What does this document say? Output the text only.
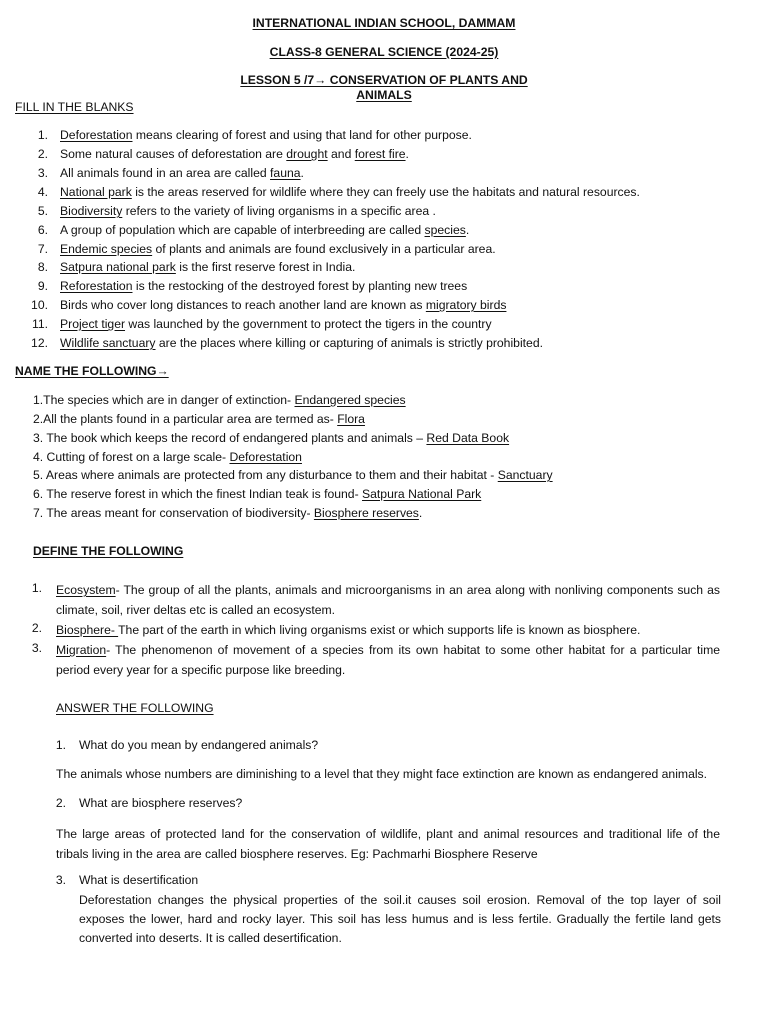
INTERNATIONAL INDIAN SCHOOL, DAMMAM
CLASS-8 GENERAL SCIENCE (2024-25)
LESSON 5 /7→ CONSERVATION OF PLANTS AND
ANIMALS
FILL IN THE BLANKS
1. Deforestation means clearing of forest and using that land for other purpose.
2. Some natural causes of deforestation are drought and forest fire.
3. All animals found in an area are called fauna.
4. National park is the areas reserved for wildlife where they can freely use the habitats and natural resources.
5. Biodiversity refers to the variety of living organisms in a specific area .
6. A group of population which are capable of interbreeding are called species.
7. Endemic species of plants and animals are found exclusively in a particular area.
8. Satpura national park is the first reserve forest in India.
9. Reforestation is the restocking of the destroyed forest by planting new trees
10. Birds who cover long distances to reach another land are known as migratory birds
11. Project tiger was launched by the government to protect the tigers in the country
12. Wildlife sanctuary are the places where killing or capturing of animals is strictly prohibited.
NAME THE FOLLOWING→
1.The species which are in danger of extinction- Endangered species
2.All the plants found in a particular area are termed as- Flora
3. The book which keeps the record of endangered plants and animals – Red Data Book
4. Cutting of forest on a large scale- Deforestation
5. Areas where animals are protected from any disturbance to them and their habitat - Sanctuary
6. The reserve forest in which the finest Indian teak is found- Satpura National Park
7. The areas meant for conservation of biodiversity- Biosphere reserves.
DEFINE THE FOLLOWING
1. Ecosystem- The group of all the plants, animals and microorganisms in an area along with nonliving components such as climate, soil, river deltas etc is called an ecosystem.
2. Biosphere- The part of the earth in which living organisms exist or which supports life is known as biosphere.
3. Migration- The phenomenon of movement of a species from its own habitat to some other habitat for a particular time period every year for a specific purpose like breeding.
ANSWER THE FOLLOWING
1. What do you mean by endangered animals?
The animals whose numbers are diminishing to a level that they might face extinction are known as endangered animals.
2. What are biosphere reserves?
The large areas of protected land for the conservation of wildlife, plant and animal resources and traditional life of the tribals living in the area are called biosphere reserves. Eg: Pachmarhi Biosphere Reserve
3. What is desertification
Deforestation changes the physical properties of the soil.it causes soil erosion. Removal of the top layer of soil exposes the lower, hard and rocky layer. This soil has less humus and is less fertile. Gradually the fertile land gets converted into deserts. It is called desertification.
